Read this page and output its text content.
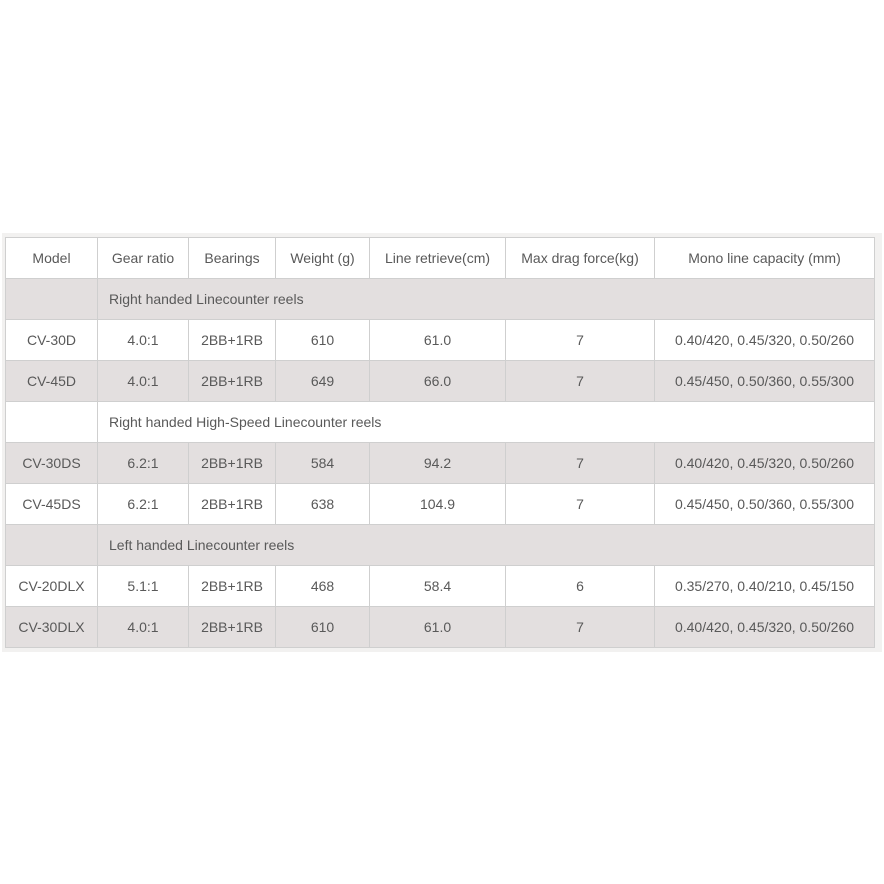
Model	Gear ratio	Bearings	Weight (g)	Line retrieve(cm)	Max drag force(kg)	Mono line capacity (mm)
	Right handed Linecounter reels					
CV-30D	4.0:1	2BB+1RB	610	61.0	7	0.40/420, 0.45/320, 0.50/260
CV-45D	4.0:1	2BB+1RB	649	66.0	7	0.45/450, 0.50/360, 0.55/300
	Right handed High-Speed Linecounter reels					
CV-30DS	6.2:1	2BB+1RB	584	94.2	7	0.40/420, 0.45/320, 0.50/260
CV-45DS	6.2:1	2BB+1RB	638	104.9	7	0.45/450, 0.50/360, 0.55/300
	Left handed Linecounter reels					
CV-20DLX	5.1:1	2BB+1RB	468	58.4	6	0.35/270, 0.40/210, 0.45/150
CV-30DLX	4.0:1	2BB+1RB	610	61.0	7	0.40/420, 0.45/320, 0.50/260
